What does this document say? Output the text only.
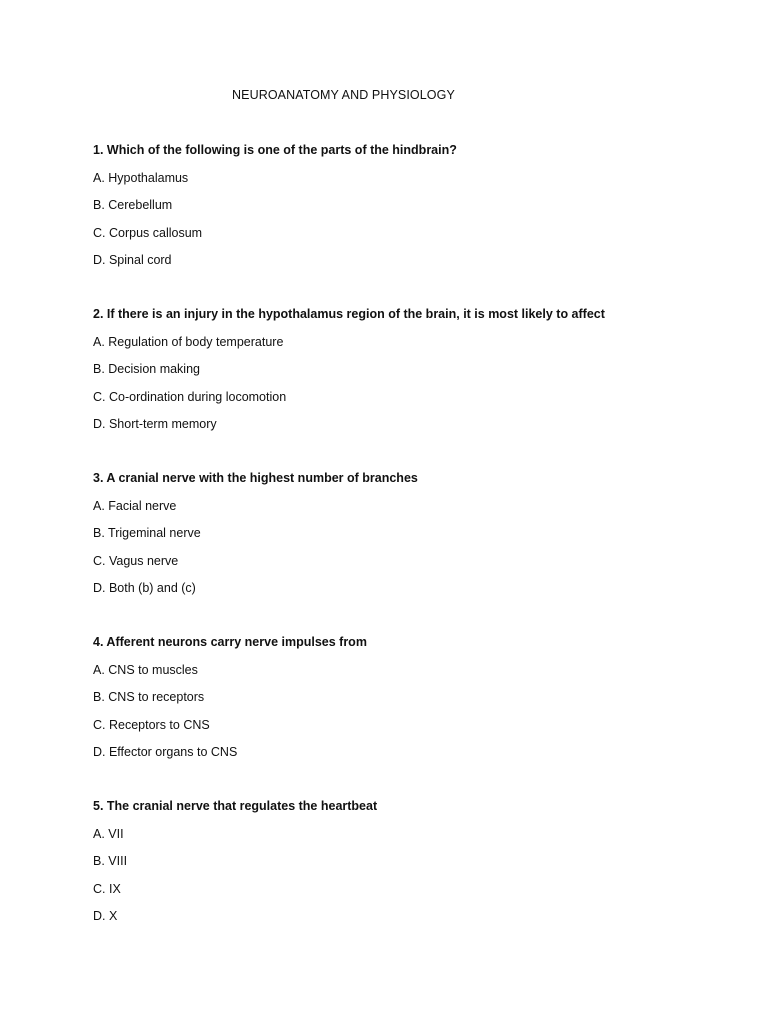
NEUROANATOMY AND PHYSIOLOGY
1. Which of the following is one of the parts of the hindbrain?
A. Hypothalamus
B. Cerebellum
C. Corpus callosum
D. Spinal cord
2. If there is an injury in the hypothalamus region of the brain, it is most likely to affect
A. Regulation of body temperature
B. Decision making
C. Co-ordination during locomotion
D. Short-term memory
3. A cranial nerve with the highest number of branches
A. Facial nerve
B. Trigeminal nerve
C. Vagus nerve
D. Both (b) and (c)
4. Afferent neurons carry nerve impulses from
A. CNS to muscles
B. CNS to receptors
C. Receptors to CNS
D. Effector organs to CNS
5. The cranial nerve that regulates the heartbeat
A. VII
B. VIII
C. IX
D. X
